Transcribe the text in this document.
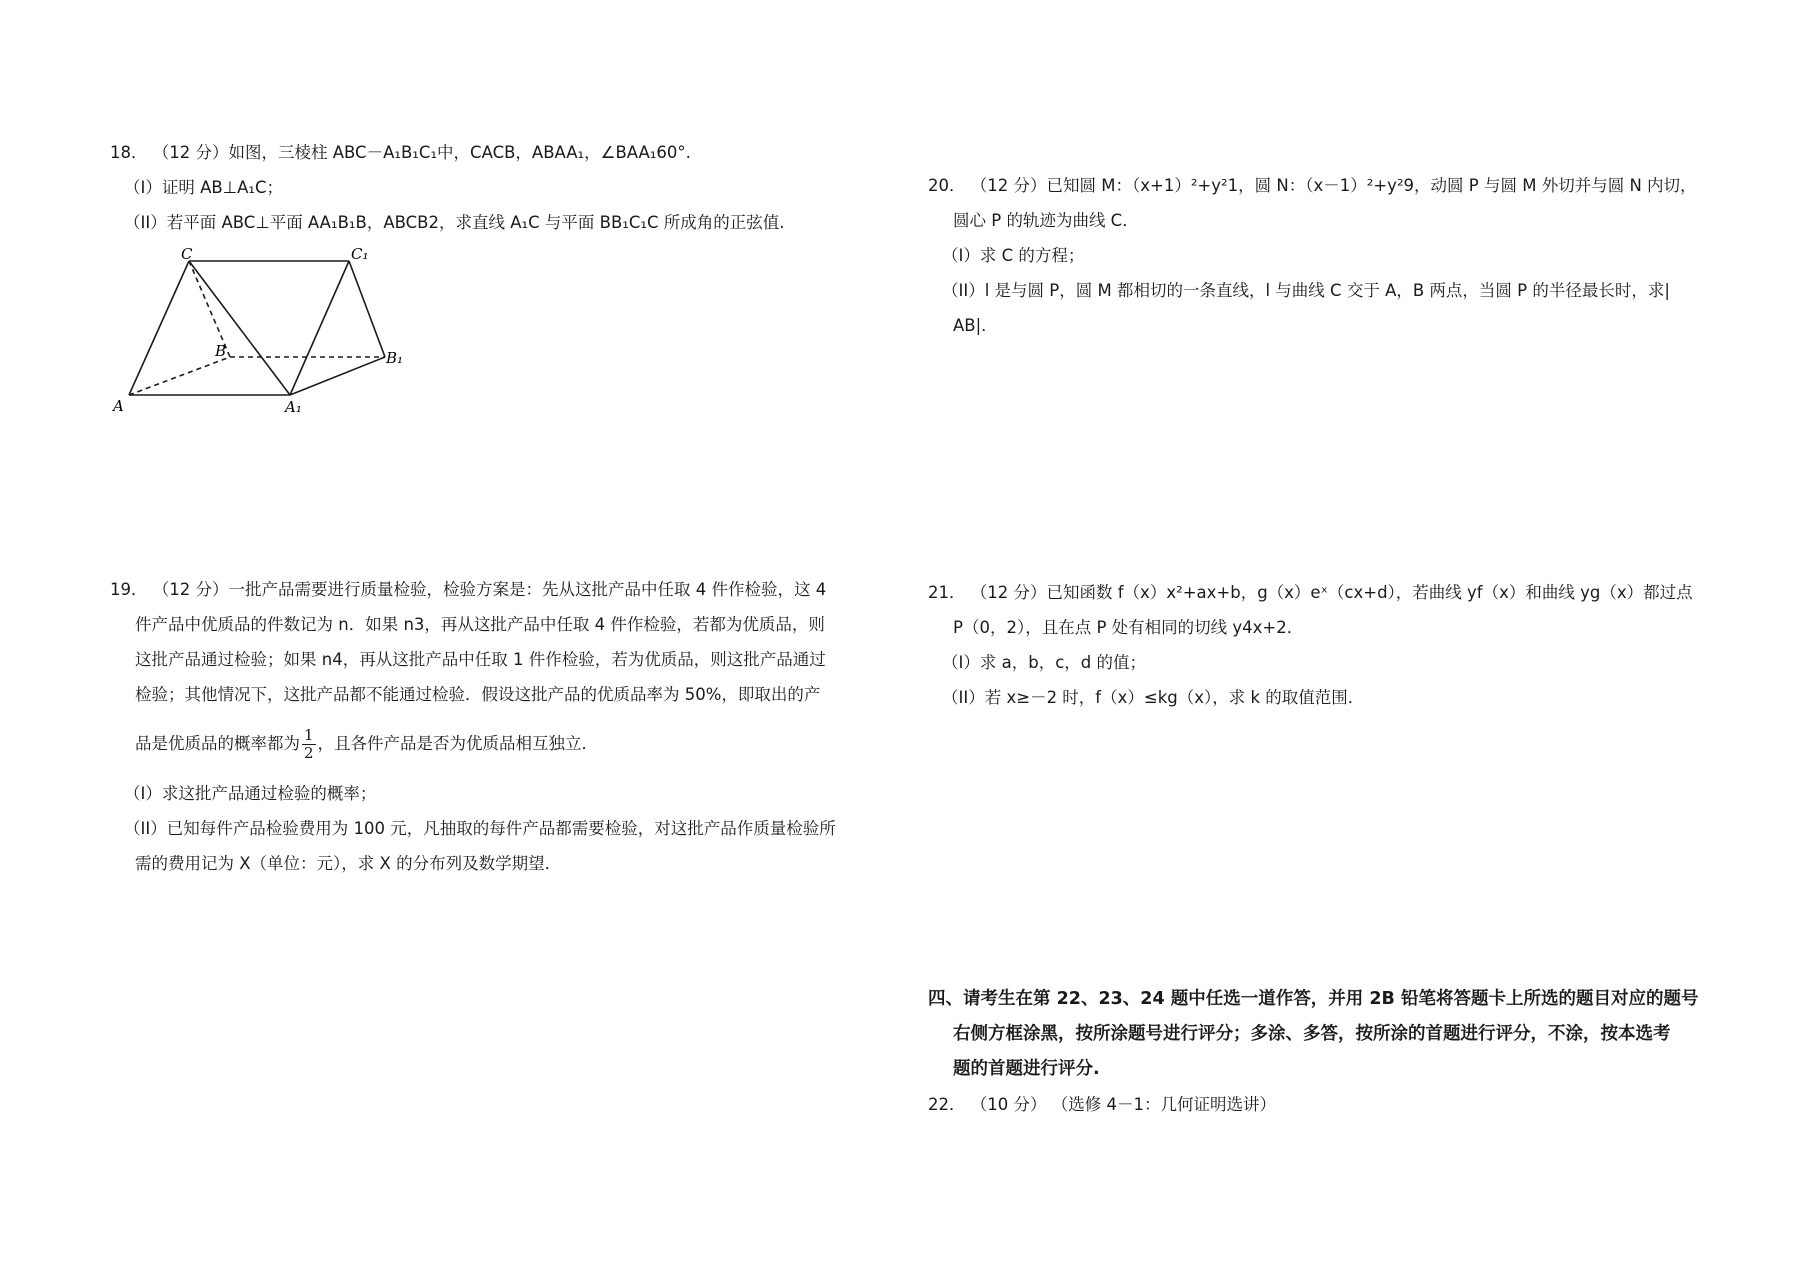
18． （12 分）如图，三棱柱 ABC－A₁B₁C₁中，CACB，ABAA₁，∠BAA₁60°.

（I）证明 AB⊥A₁C；

（II）若平面 ABC⊥平面 AA₁B₁B，ABCB2，求直线 A₁C 与平面 BB₁C₁C 所成角的正弦值.

C	C₁
B	B₁
A	A₁

19． （12 分）一批产品需要进行质量检验，检验方案是：先从这批产品中任取 4 件作检验，这 4

件产品中优质品的件数记为 n．如果 n3，再从这批产品中任取 4 件作检验，若都为优质品，则

这批产品通过检验；如果 n4，再从这批产品中任取 1 件作检验，若为优质品，则这批产品通过

检验；其他情况下，这批产品都不能通过检验．假设这批产品的优质品率为 50%，即取出的产

品是优质品的概率都为 $\frac{1}{2}$ ，且各件产品是否为优质品相互独立．

（I）求这批产品通过检验的概率；

（II）已知每件产品检验费用为 100 元，凡抽取的每件产品都需要检验，对这批产品作质量检验所

需的费用记为 X（单位：元），求 X 的分布列及数学期望．

20． （12 分）已知圆 M：（x+1）²+y²1，圆 N：（x－1）²+y²9，动圆 P 与圆 M 外切并与圆 N 内切，

圆心 P 的轨迹为曲线 C．

（I）求 C 的方程；

（II）l 是与圆 P，圆 M 都相切的一条直线，l 与曲线 C 交于 A，B 两点，当圆 P 的半径最长时，求|

AB|．

21． （12 分）已知函数 f（x）x²+ax+b，g（x）eˣ（cx+d），若曲线 yf（x）和曲线 yg（x）都过点

P（0，2），且在点 P 处有相同的切线 y4x+2．

（I）求 a，b，c，d 的值；

（II）若 x≥－2 时，f（x）≤kg（x），求 k 的取值范围．

四、请考生在第 22、23、24 题中任选一道作答，并用 2B 铅笔将答题卡上所选的题目对应的题号

右侧方框涂黑，按所涂题号进行评分；多涂、多答，按所涂的首题进行评分，不涂，按本选考

题的首题进行评分.

22． （10 分） （选修 4－1：几何证明选讲）
